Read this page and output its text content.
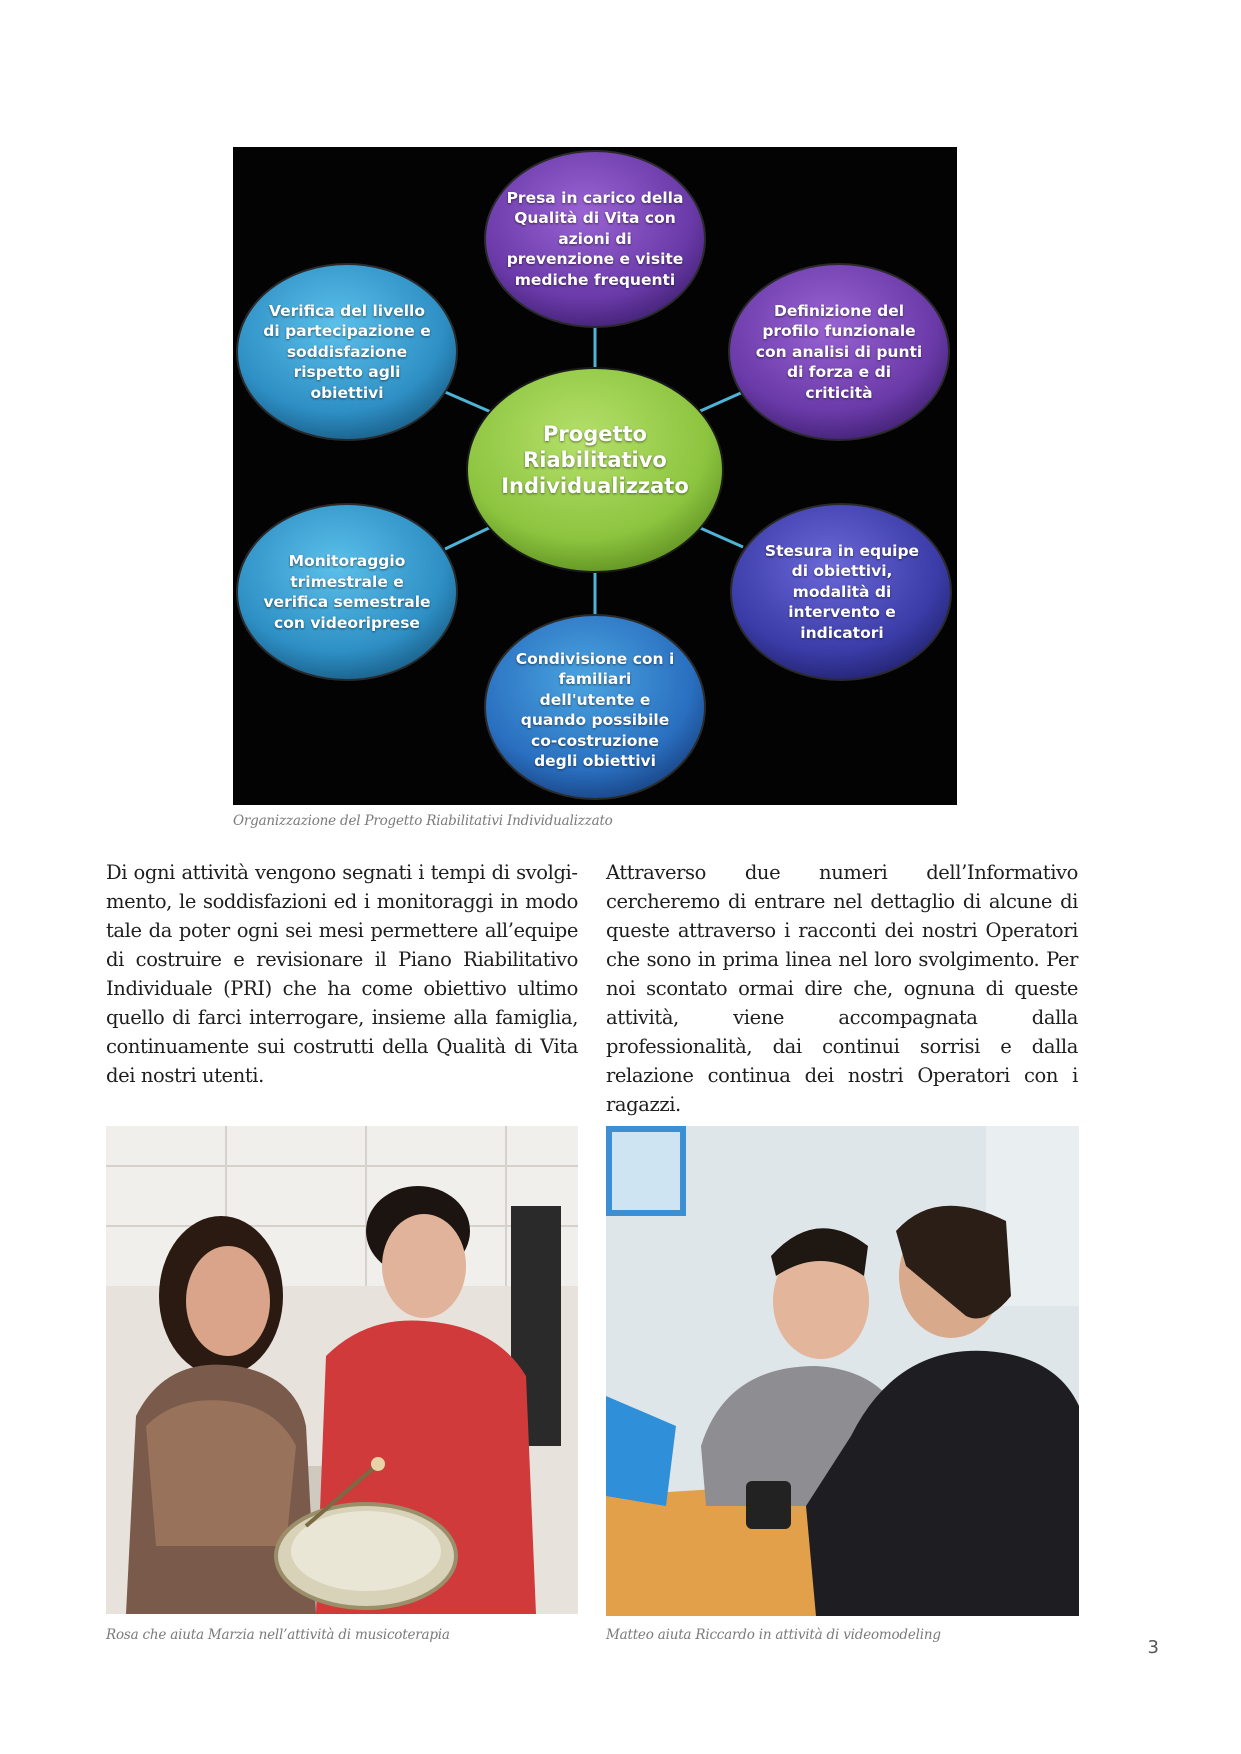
Presa in carico della Qualità di Vita con azioni di prevenzione e visite mediche frequenti
Definizione del profilo funzionale con analisi di punti di forza e di criticità
Stesura in equipe di obiettivi, modalità di intervento e indicatori
Condivisione con i familiari dell'utente e quando possibile co-costruzione degli obiettivi
Monitoraggio trimestrale e verifica semestrale con videoriprese
Verifica del livello di partecipazione e soddisfazione rispetto agli obiettivi
Progetto Riabilitativo Individualizzato
Organizzazione del Progetto Riabilitativi Individualizzato
Di ogni attività vengono segnati i tempi di svolgimento, le soddisfazioni ed i monitoraggi in modo tale da poter ogni sei mesi permettere all’equipe di costruire e revisionare il Piano Riabilitativo Individuale (PRI) che ha come obiettivo ultimo quello di farci interrogare, insieme alla famiglia, continuamente sui costrutti della Qualità di Vita dei nostri utenti.
Attraverso due numeri dell’Informativo cercheremo di entrare nel dettaglio di alcune di queste attraverso i racconti dei nostri Operatori che sono in prima linea nel loro svolgimento. Per noi scontato ormai dire che, ognuna di queste attività, viene accompagnata dalla professionalità, dai continui sorrisi e dalla relazione continua dei nostri Operatori con i ragazzi.
Rosa che aiuta Marzia nell’attività di musicoterapia	Matteo aiuta Riccardo in attività di videomodeling
3
